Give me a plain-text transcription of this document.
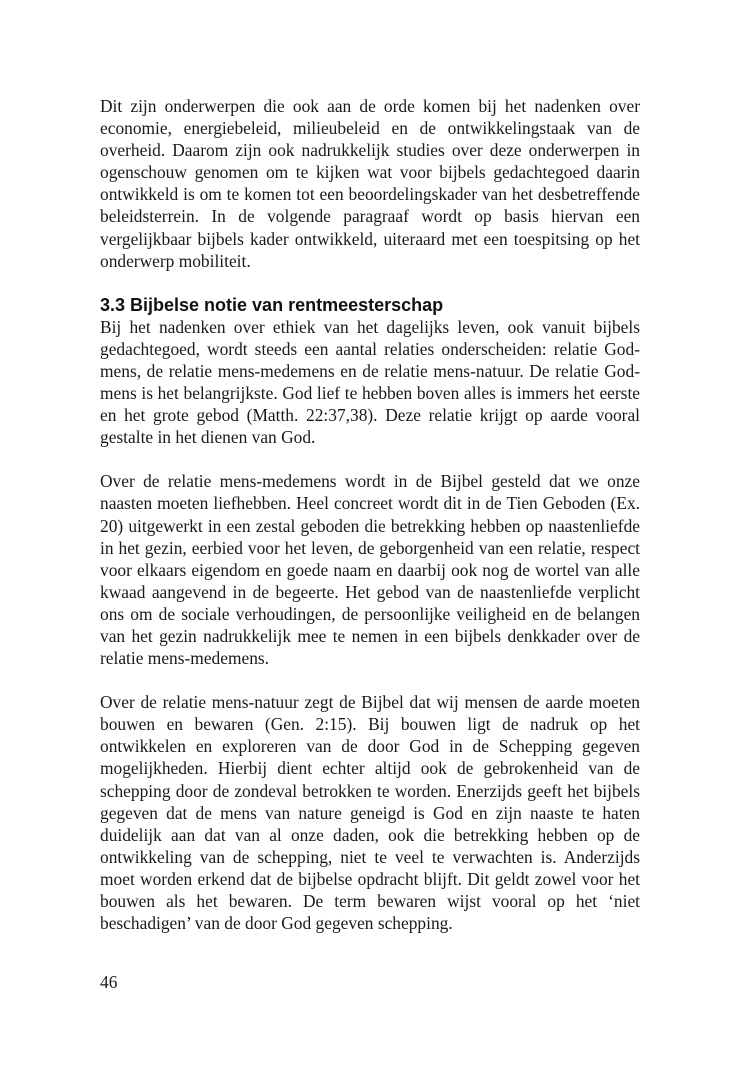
Dit zijn onderwerpen die ook aan de orde komen bij het nadenken over economie, energiebeleid, milieubeleid en de ontwikkelingstaak van de overheid. Daarom zijn ook nadrukkelijk studies over deze onderwerpen in ogenschouw genomen om te kijken wat voor bijbels gedachtegoed daarin ontwikkeld is om te komen tot een beoordelingskader van het desbetreffende beleidsterrein. In de volgende paragraaf wordt op basis hiervan een vergelijkbaar bijbels kader ontwikkeld, uiteraard met een toespitsing op het onderwerp mobiliteit.

3.3 Bijbelse notie van rentmeesterschap

Bij het nadenken over ethiek van het dagelijks leven, ook vanuit bijbels gedachtegoed, wordt steeds een aantal relaties onderscheiden: relatie God-mens, de relatie mens-medemens en de relatie mens-natuur. De relatie God-mens is het belangrijkste. God lief te hebben boven alles is immers het eerste en het grote gebod (Matth. 22:37,38). Deze relatie krijgt op aarde vooral gestalte in het dienen van God.

Over de relatie mens-medemens wordt in de Bijbel gesteld dat we onze naasten moeten liefhebben. Heel concreet wordt dit in de Tien Geboden (Ex. 20) uitgewerkt in een zestal geboden die betrekking hebben op naastenliefde in het gezin, eerbied voor het leven, de geborgenheid van een relatie, respect voor elkaars eigendom en goede naam en daarbij ook nog de wortel van alle kwaad aangevend in de begeerte. Het gebod van de naastenliefde verplicht ons om de sociale verhoudingen, de persoonlijke veiligheid en de belangen van het gezin nadrukkelijk mee te nemen in een bijbels denkkader over de relatie mens-medemens.

Over de relatie mens-natuur zegt de Bijbel dat wij mensen de aarde moeten bouwen en bewaren (Gen. 2:15). Bij bouwen ligt de nadruk op het ontwikkelen en exploreren van de door God in de Schepping gegeven mogelijkheden. Hierbij dient echter altijd ook de gebrokenheid van de schepping door de zondeval betrokken te worden. Enerzijds geeft het bijbels gegeven dat de mens van nature geneigd is God en zijn naaste te haten duidelijk aan dat van al onze daden, ook die betrekking hebben op de ontwikkeling van de schepping, niet te veel te verwachten is. Anderzijds moet worden erkend dat de bijbelse opdracht blijft. Dit geldt zowel voor het bouwen als het bewaren. De term bewaren wijst vooral op het ‘niet beschadigen’ van de door God gegeven schepping.

46
